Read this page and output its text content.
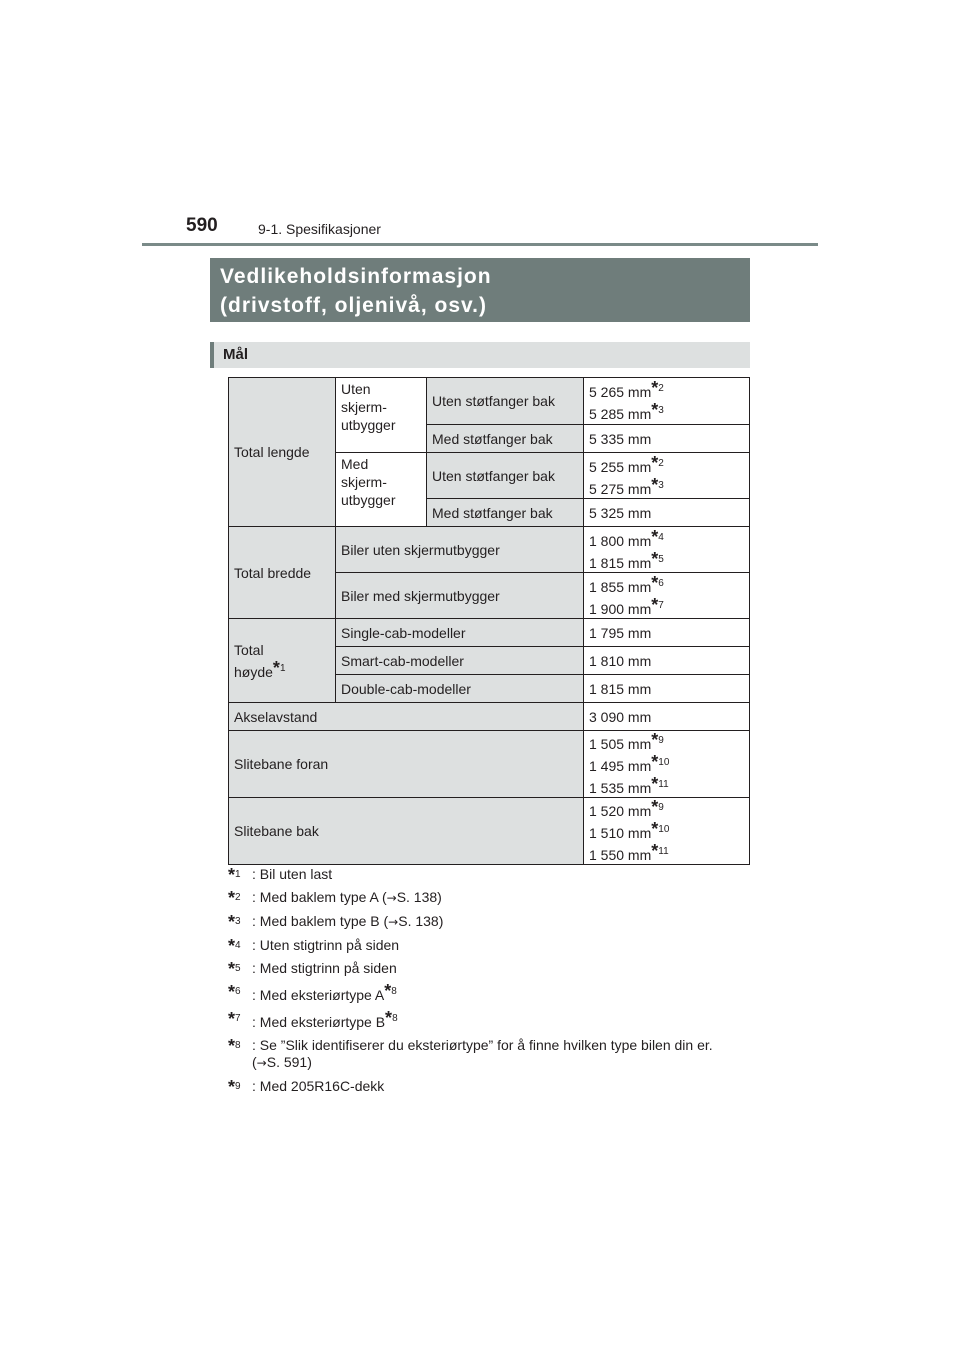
590	9-1. Spesifikasjoner
Vedlikeholdsinformasjon
(drivstoff, oljenivå, osv.)
Mål
Total lengde	Uten
skjerm-
utbygger	Uten støtfanger bak	5 265 mm*$^2$
5 285 mm*$^3$

		Med støtfanger bak	5 335 mm

	Med
skjerm-
utbygger	Uten støtfanger bak	5 255 mm*$^2$
5 275 mm*$^3$

		Med støtfanger bak	5 325 mm
Total bredde	Biler uten skjermutbygger		1 800 mm*$^4$
1 815 mm*$^5$

	Biler med skjermutbygger		1 855 mm*$^6$
1 900 mm*$^7$

Total
høyde*$^1$	Single-cab-modeller		1 795 mm
	Smart-cab-modeller		1 810 mm
	Double-cab-modeller		1 815 mm
Akselavstand			3 090 mm
Slitebane foran			1 505 mm*$^9$
1 495 mm*$^{10}$
1 535 mm*$^{11}$

Slitebane bak			1 520 mm*$^9$
1 510 mm*$^{10}$
1 550 mm*$^{11}$
*$^1$ : Bil uten last
*$^2$ : Med baklem type A (→S. 138)
*$^3$ : Med baklem type B (→S. 138)
*$^4$ : Uten stigtrinn på siden
*$^5$ : Med stigtrinn på siden
*$^6$ : Med eksteriørtype A*$^8$
*$^7$ : Med eksteriørtype B*$^8$
*$^8$ : Se ”Slik identifiserer du eksteriørtype” for å finne hvilken type bilen din er.
(→S. 591)
*$^9$ : Med 205R16C-dekk
